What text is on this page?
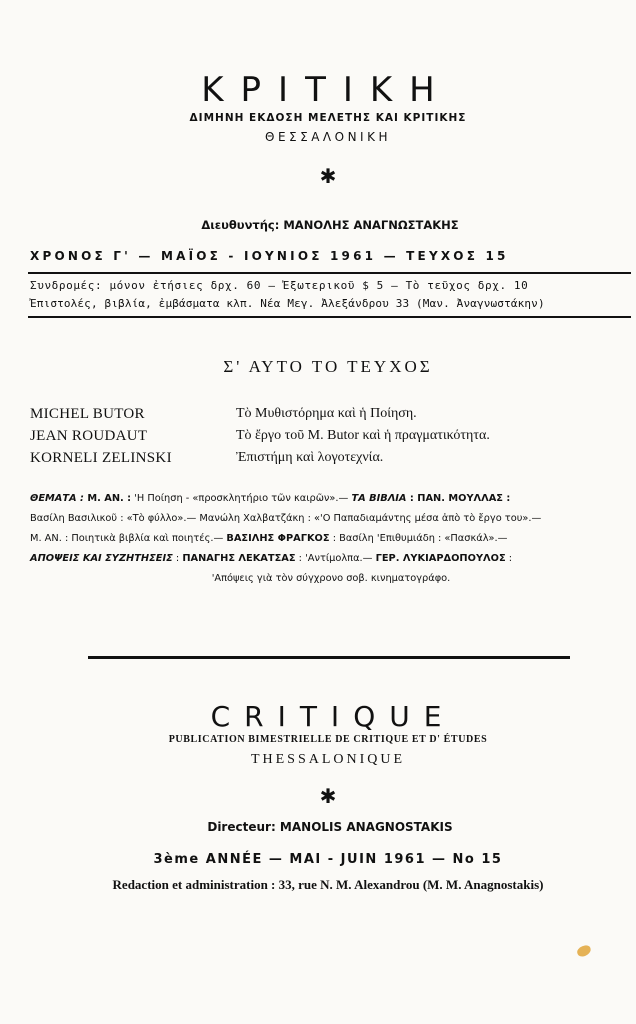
ΚΡΙΤΙΚΗ
ΔΙΜΗΝΗ ΕΚΔΟΣΗ ΜΕΛΕΤΗΣ ΚΑΙ ΚΡΙΤΙΚΗΣ
ΘΕΣΣΑΛΟΝΙΚΗ
✱
Διευθυντής: ΜΑΝΟΛΗΣ ΑΝΑΓΝΩΣΤΑΚΗΣ
ΧΡΟΝΟΣ Γ' — ΜΑΪΟΣ - ΙΟΥΝΙΟΣ 1961 — ΤΕΥΧΟΣ 15
Συνδρομές: μόνον ἐτήσιες δρχ. 60 — Ἐξωτερικοῦ $ 5 — Τὸ τεῦχος δρχ. 10
Ἐπιστολές, βιβλία, ἐμβάσματα κλπ. Νέα Μεγ. Ἀλεξάνδρου 33 (Μαν. Ἀναγνωστάκην)
Σ' ΑΥΤΟ ΤΟ ΤΕΥΧΟΣ
MICHEL BUTOR	Τὸ Μυθιστόρημα καὶ ἡ Ποίηση.
JEAN ROUDAUT	Τὸ ἔργο τοῦ M. Butor καὶ ἡ πραγματικότητα.
KORNELI ZELINSKI	Ἐπιστήμη καὶ λογοτεχνία.
ΘΕΜΑΤΑ : Μ. ΑΝ. : 'Η Ποίηση - «προσκλητήριο τῶν καιρῶν».— ΤΑ ΒΙΒΛΙΑ : ΠΑΝ. ΜΟΥΛΛΑΣ :
Βασίλη Βασιλικοῦ : «Τὸ φύλλο».— Μανώλη Χαλβατζάκη : «'Ο Παπαδιαμάντης μέσα ἀπὸ τὸ ἔργο του».—
Μ. ΑΝ. : Ποιητικὰ βιβλία καὶ ποιητές.— ΒΑΣΙΛΗΣ ΦΡΑΓΚΟΣ : Βασίλη 'Επιθυμιάδη : «Πασκάλ».—
ΑΠΟΨΕΙΣ ΚΑΙ ΣΥΖΗΤΗΣΕΙΣ : ΠΑΝΑΓΗΣ ΛΕΚΑΤΣΑΣ : 'Αντίμολπα.— ΓΕΡ. ΛΥΚΙΑΡΔΟΠΟΥΛΟΣ :
'Απόψεις γιὰ τὸν σύγχρονο σοβ. κινηματογράφο.
CRITIQUE
PUBLICATION BIMESTRIELLE DE CRITIQUE ET D' ÉTUDES
THESSALONIQUE
✱
Directeur: MANOLIS ANAGNOSTAKIS
3ème ANNÉE — MAI - JUIN 1961 — No 15
Redaction et administration : 33, rue N. M. Alexandrou (M. M. Anagnostakis)
